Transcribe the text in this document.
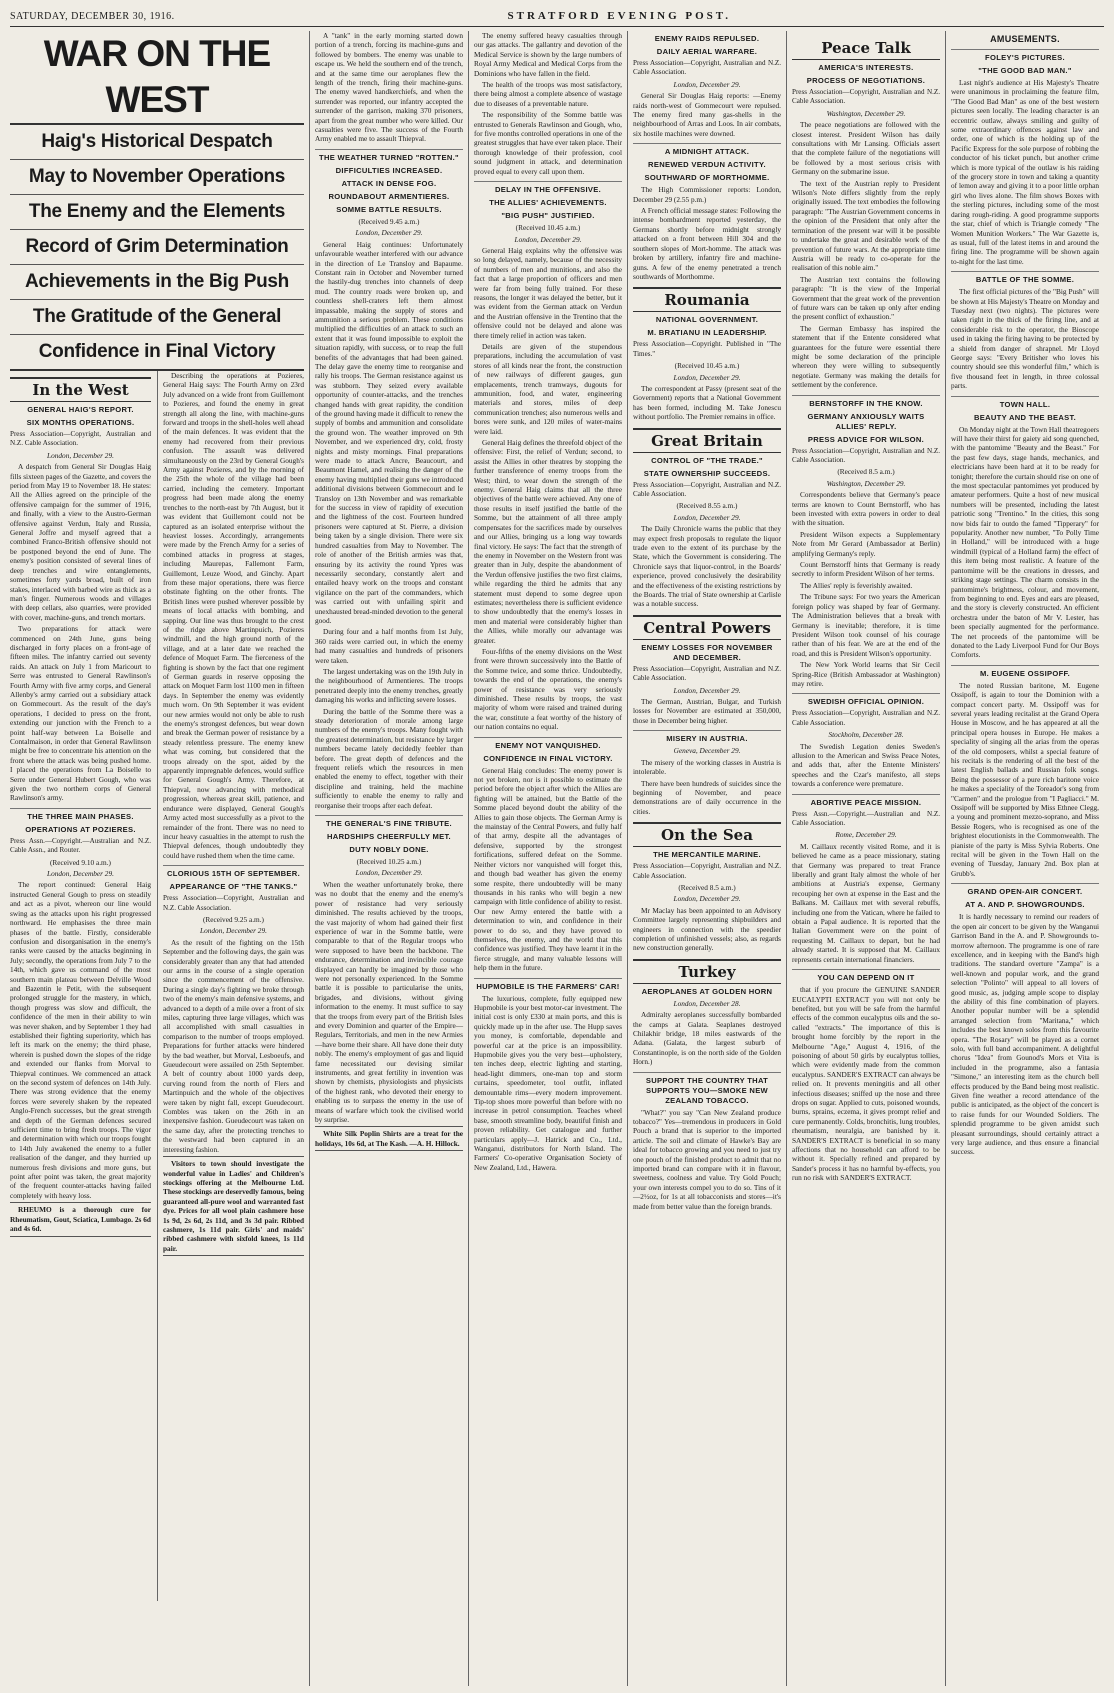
SATURDAY, DECEMBER 30, 1916.	STRATFORD EVENING POST.
WAR ON THE WEST
Haig's Historical Despatch
May to November Operations
The Enemy and the Elements
Record of Grim Determination
Achievements in the Big Push
The Gratitude of the General
Confidence in Final Victory
In the West
GENERAL HAIG'S REPORT.
SIX MONTHS OPERATIONS.

Press Association—Copyright, Australian and N.Z. Cable Association.

London, December 29.

A despatch from General Sir Douglas Haig fills sixteen pages of the Gazette, and covers the period from May 19 to November 18. He states: All the Allies agreed on the principle of the offensive campaign for the summer of 1916, and finally, with a view to the Austro-German offensive against Verdun, Italy and Russia, General Joffre and myself agreed that a combined Franco-British offensive should not be postponed beyond the end of June. The enemy's position consisted of several lines of deep trenches and wire entanglements, sometimes forty yards broad, built of iron stakes, interlaced with barbed wire as thick as a man's finger. Numerous woods and villages with deep cellars, also quarries, were provided with cover, machine-guns, and trench mortars.

Two preparations for attack were commenced on 24th June, guns being discharged in forty places on a front-age of fifteen miles. The infantry carried out seventy raids. An attack on July 1 from Maricourt to Serre was entrusted to General Rawlinson's Fourth Army with five army corps, and General Allenby's army carried out a subsidiary attack on Gommecourt. As the result of the day's operations, I decided to press on the front, extending our junction with the French to a point half-way between La Boiselle and Contalmaison, in order that General Rawlinson might be free to concentrate his attention on the front where the attack was being pushed home. I placed the operations from La Boiselle to Serre under General Hubert Gough, who was given the two northern corps of General Rawlinson's army.

THE THREE MAIN PHASES.
OPERATIONS AT POZIERES.

Press Assn.—Copyright.—Australian and N.Z. Cable Assn., and Router.

(Received 9.10 a.m.)

London, December 29.

The report continued: General Haig instructed General Gough to press on steadily and act as a pivot, whereon our line would swing as the attacks upon his right progressed northward. He emphasises the three main phases of the battle. Firstly, considerable confusion and disorganisation in the enemy's ranks were caused by the attacks beginning in July; secondly, the operations from July 7 to the 14th, which gave us command of the most southern main plateau between Delville Wood and Bazentin le Petit, with the subsequent prolonged struggle for the mastery, in which, though progress was slow and difficult, the confidence of the men in their ability to win was never shaken, and by September 1 they had established their fighting superiority, which has left its mark on the enemy; the third phase, wherein is pushed down the slopes of the ridge and extended our flanks from Morval to Thiepval continues. We commenced an attack on the second system of defences on 14th July. There was strong evidence that the enemy forces were severely shaken by the repeated Anglo-French successes, but the great strength and depth of the German defences secured sufficient time to bring fresh troops. The vigor and determination with which our troops fought to 14th July awakened the enemy to a fuller realisation of the danger, and they hurried up numerous fresh divisions and more guns, but point after point was taken, the great majority of the frequent counter-attacks having failed completely with heavy loss.

RHEUMO is a thorough cure for Rheumatism, Gout, Sciatica, Lumbago. 2s 6d and 4s 6d.

Describing the operations at Pozieres, General Haig says: The Fourth Army on 23rd July advanced on a wide front from Guillemont to Pozieres, and found the enemy in great strength all along the line, with machine-guns forward and troops in the shell-holes well ahead of the main defences. It was evident that the enemy had recovered from their previous confusion. The assault was delivered simultaneously on the 23rd by General Gough's Army against Pozieres, and by the morning of the 25th the whole of the village had been carried, including the cemetery. Important progress had been made along the enemy trenches to the north-east by 7th August, but it was evident that Guillemont could not be captured as an isolated enterprise without the heaviest losses. Accordingly, arrangements were made by the French Army for a series of combined attacks in progress at stages, including Maurepas, Fallemont Farm, Guillemont, Leuze Wood, and Ginchy. Apart from these major operations, there was fierce obstinate fighting on the other fronts. The British lines were pushed wherever possible by means of local attacks with bombing, and sapping. Our line was thus brought to the crest of the ridge above Martinpuich, Pozieres windmill, and the high ground north of the village, and at a later date we reached the defence of Moquet Farm. The fierceness of the fighting is shown by the fact that one regiment of German guards in reserve opposing the attack on Moquet Farm lost 1100 men in fifteen days. In September the enemy was evidently much worn. On 9th September it was evident our new armies would not only be able to rush the enemy's strongest defences, but wear down and break the German power of resistance by a steady relentless pressure. The enemy knew what was coming, but considered that the troops already on the spot, aided by the apparently impregnable defences, would suffice for General Gough's Army. Therefore, at Thiepval, now advancing with methodical progression, whereas great skill, patience, and endurance were displayed, General Gough's Army acted most successfully as a pivot to the remainder of the front. There was no need to incur heavy casualties in the attempt to rush the Thiepval defences, though undoubtedly they could have rushed them when the time came.

CLORIOUS 15TH OF SEPTEMBER.
APPEARANCE OF "THE TANKS."

Press Association—Copyright, Australian and N.Z. Cable Association.

(Received 9.25 a.m.)

London, December 29.

As the result of the fighting on the 15th September and the following days, the gain was considerably greater than any that had attended our arms in the course of a single operation since the commencement of the offensive. During a single day's fighting we broke through two of the enemy's main defensive systems, and advanced to a depth of a mile over a front of six miles, capturing three large villages, which was all accomplished with small casualties in comparison to the number of troops employed. Preparations for further attacks were hindered by the bad weather, but Morval, Lesboeufs, and Gueudecourt were assailed on 25th September. A belt of country about 1000 yards deep, curving round from the north of Flers and Martinpuich and the whole of the objectives were taken by night fall, except Gueudecourt. Combles was taken on the 26th in an inexpensive fashion. Gueudecourt was taken on the same day, after the protecting trenches to the westward had been captured in an interesting fashion.

Visitors to town should investigate the wonderful value in Ladies' and Children's stockings offering at the Melbourne Ltd. These stockings are deservedly famous, being guaranteed all-pure wool and warranted fast dye. Prices for all wool plain cashmere hose 1s 9d, 2s 6d, 2s 11d, and 3s 3d pair. Ribbed cashmere, 1s 11d pair. Girls' and maids' ribbed cashmere with sixfold knees, 1s 11d pair.

A "tank" in the early morning started down portion of a trench, forcing its machine-guns and followed by bombers. The enemy was unable to escape us. We held the southern end of the trench, and at the same time our aeroplanes flew the length of the trench, firing their machine-guns. The enemy waved handkerchiefs, and when the surrender was reported, our infantry accepted the surrender of the garrison, making 370 prisoners, apart from the great number who were killed. Our casualties were five. The success of the Fourth Army enabled me to assault Thiepval.

THE WEATHER TURNED "ROTTEN."
DIFFICULTIES INCREASED.
ATTACK IN DENSE FOG.
ROUNDABOUT ARMENTIERES.
SOMME BATTLE RESULTS.

(Received 9.45 a.m.)

London, December 29.

General Haig continues: Unfortunately unfavourable weather interfered with our advance in the direction of Le Transloy and Bapaume. Constant rain in October and November turned the hastily-dug trenches into channels of deep mud. The country roads were broken up, and countless shell-craters left them almost impassable, making the supply of stores and ammunition a serious problem. These conditions multiplied the difficulties of an attack to such an extent that it was found impossible to exploit the situation rapidly, with success, or to reap the full benefits of the advantages that had been gained. The delay gave the enemy time to reorganise and rally his troops. The German resistance against us was stubborn. They seized every available opportunity of counter-attacks, and the trenches changed hands with great rapidity, the condition of the ground having made it difficult to renew the supply of bombs and ammunition and consolidate the ground won. The weather improved on 9th November, and we experienced dry, cold, frosty nights and misty mornings. Final preparations were made to attack Ancre, Beaucourt, and Beaumont Hamel, and realising the danger of the enemy having multiplied their guns we introduced additional divisions between Gommecourt and le Transloy on 13th November and was remarkable for the success in view of rapidity of execution and the lightness of the cost. Fourteen hundred prisoners were captured at St. Pierre, a division being taken by a single division. There were six hundred casualties from May to November. The role of another of the British armies was that, ensuring by its activity the round Ypres was necessarily secondary, constantly alert and entailed heavy work on the troops and constant vigilance on the part of the commanders, which was carried out with unfailing spirit and unexhausted bread-minded devotion to the general good.

During four and a half months from 1st July, 360 raids were carried out, in which the enemy had many casualties and hundreds of prisoners were taken.

The largest undertaking was on the 19th July in the neighbourhood of Armentieres. The troops penetrated deeply into the enemy trenches, greatly damaging his works and inflicting severe losses.

During the battle of the Somme there was a steady deterioration of morale among large numbers of the enemy's troops. Many fought with the greatest determination, but resistance by larger numbers became lately decidedly feebler than before. The great depth of defences and the frequent reliefs which the resources in men enabled the enemy to effect, together with their discipline and training, held the machine sufficiently to enable the enemy to rally and reorganise their troops after each defeat.

THE GENERAL'S FINE TRIBUTE.
HARDSHIPS CHEERFULLY MET.
DUTY NOBLY DONE.

(Received 10.25 a.m.)

London, December 29.

When the weather unfortunately broke, there was no doubt that the enemy and the enemy's power of resistance had very seriously diminished. The results achieved by the troops, the vast majority of whom had gained their first experience of war in the Somme battle, were comparable to that of the Regular troops who were supposed to have been the backbone. The endurance, determination and invincible courage displayed can hardly be imagined by those who were not personally experienced. In the Somme battle it is possible to particularise the units, brigades, and divisions, without giving information to the enemy. It must suffice to say that the troops from every part of the British Isles and every Dominion and quarter of the Empire—Regulars, Territorials, and men in the new Armies—have borne their share. All have done their duty nobly. The enemy's employment of gas and liquid fame necessitated our devising similar instruments, and great fertility in invention was shown by chemists, physiologists and physicists of the highest rank, who devoted their energy to enabling us to surpass the enemy in the use of means of warfare which took the civilised world by surprise.

White Silk Poplin Shirts are a treat for the holidays, 10s 6d, at The Kash. —A. H. Hillock.

The enemy suffered heavy casualties through our gas attacks. The gallantry and devotion of the Medical Service is shown by the large numbers of Royal Army Medical and Medical Corps from the Dominions who have fallen in the field.

The health of the troops was most satisfactory, there being almost a complete absence of wastage due to diseases of a preventable nature.

The responsibility of the Somme battle was entrusted to Generals Rawlinson and Gough, who, for five months controlled operations in one of the greatest struggles that have ever taken place. Their thorough knowledge of their profession, cool sound judgment in attack, and determination proved equal to every call upon them.

DELAY IN THE OFFENSIVE.
THE ALLIES' ACHIEVEMENTS.
"BIG PUSH" JUSTIFIED.

(Received 10.45 a.m.)

London, December 29.

General Haig explains why the offensive was so long delayed, namely, because of the necessity of numbers of men and munitions, and also the fact that a large proportion of officers and men were far from being fully trained. For these reasons, the longer it was delayed the better, but it was evident from the German attack on Verdun and the Austrian offensive in the Trentino that the offensive could not be delayed and alone was there timely relief in action was taken.

Details are given of the stupendous preparations, including the accumulation of vast stores of all kinds near the front, the construction of new railways of different gauges, gun emplacements, trench tramways, dugouts for ammunition, food, and water, engineering materials and stores, miles of deep communication trenches; also numerous wells and bores were sunk, and 120 miles of water-mains were laid.

General Haig defines the threefold object of the offensive: First, the relief of Verdun; second, to assist the Allies in other theatres by stopping the further transference of enemy troops from the West; third, to wear down the strength of the enemy. General Haig claims that all the three objectives of the battle were achieved. Any one of those results in itself justified the battle of the Somme, but the attainment of all three amply compensates for the sacrifices made by ourselves and our Allies, bringing us a long way towards final victory. He says: The fact that the strength of the enemy in November on the Western front was greater than in July, despite the abandonment of the Verdun offensive justifies the two first claims, while regarding the third he admits that any statement must depend to some degree upon estimates; nevertheless there is sufficient evidence to show undoubtedly that the enemy's losses in men and material were considerably higher than the Allies, while morally our advantage was greater.

Four-fifths of the enemy divisions on the West front were thrown successively into the Battle of the Somme twice, and some thrice. Undoubtedly, towards the end of the operations, the enemy's power of resistance was very seriously diminished. These results by troops, the vast majority of whom were raised and trained during the war, constitute a feat worthy of the history of our nation contains no equal.

ENEMY NOT VANQUISHED.
CONFIDENCE IN FINAL VICTORY.

General Haig concludes: The enemy power is not yet broken, nor is it possible to estimate the period before the object after which the Allies are fighting will be attained, but the Battle of the Somme placed beyond doubt the ability of the Allies to gain those objects. The German Army is the mainstay of the Central Powers, and fully half of that army, despite all the advantages of defensive, supported by the strongest fortifications, suffered defeat on the Somme. Neither victors nor vanquished will forget this, and though bad weather has given the enemy some respite, there undoubtedly will be many thousands in his ranks who will begin a new campaign with little confidence of ability to resist. Our new Army entered the battle with a determination to win, and confidence in their power to do so, and they have proved to themselves, the enemy, and the world that this confidence was justified. They have learnt it in the fierce struggle, and many valuable lessons will help them in the future.

HUPMOBILE IS THE FARMERS' CAR!

The luxurious, complete, fully equipped new Hupmobile is your best motor-car investment. The initial cost is only £330 at main ports, and this is quickly made up in the after use. The Hupp saves you money, is comfortable, dependable and powerful car at the price is an impossibility. Hupmobile gives you the very best—upholstery, ten inches deep, electric lighting and starting, head-light dimmers, one-man top and storm curtains, speedometer, tool outfit, inflated demountable rims—every modern improvement. Tip-top shoes more powerful than before with no increase in petrol consumption. Teaches wheel base, smooth streamline body, beautiful finish and proven reliability. Get catalogue and further particulars apply—J. Hatrick and Co., Ltd., Wanganui, distributors for North Island. The Farmers' Co-operative Organisation Society of New Zealand, Ltd., Hawera.

ENEMY RAIDS REPULSED.
DAILY AERIAL WARFARE.

Press Association—Copyright, Australian and N.Z. Cable Association.

London, December 29.

General Sir Douglas Haig reports: —Enemy raids north-west of Gommecourt were repulsed. The enemy fired many gas-shells in the neighbourhood of Arras and Loos. In air combats, six hostile machines were downed.

A MIDNIGHT ATTACK.
RENEWED VERDUN ACTIVITY.
SOUTHWARD OF MORTHOMME.

The High Commissioner reports: London, December 29 (2.55 p.m.)

A French official message states: Following the intense bombardment reported yesterday, the Germans shortly before midnight strongly attacked on a front between Hill 304 and the southern slopes of Mort-homme. The attack was broken by artillery, infantry fire and machine-guns. A few of the enemy penetrated a trench southwards of Morthomme.

Roumania
NATIONAL GOVERNMENT.
M. BRATIANU IN LEADERSHIP.

Press Association—Copyright. Published in "The Times."

(Received 10.45 a.m.)

London, December 29.

The correspondent at Passy (present seat of the Government) reports that a National Government has been formed, including M. Take Jonescu without portfolio. The Premier remains in office.

Great Britain
CONTROL OF "THE TRADE."
STATE OWNERSHIP SUCCEEDS.

Press Association—Copyright, Australian and N.Z. Cable Association.

(Received 8.55 a.m.)

London, December 29.

The Daily Chronicle warns the public that they may expect fresh proposals to regulate the liquor trade even to the extent of its purchase by the State, which the Government is considering. The Chronicle says that liquor-control, in the Boards' experience, proved conclusively the desirability and the effectiveness of the existing restrictions by the Boards. The trial of State ownership at Carlisle was a notable success.

Central Powers
ENEMY LOSSES FOR NOVEMBER AND DECEMBER.

Press Association—Copyright, Australian and N.Z. Cable Association.

London, December 29.

The German, Austrian, Bulgar, and Turkish losses for November are estimated at 350,000, those in December being higher.

MISERY IN AUSTRIA.

Geneva, December 29.

The misery of the working classes in Austria is intolerable.

There have been hundreds of suicides since the beginning of November, and peace demonstrations are of daily occurrence in the cities.

On the Sea
THE MERCANTILE MARINE.

Press Association—Copyright, Australian and N.Z. Cable Association.

(Received 8.5 a.m.)

London, December 29.

Mr Maclay has been appointed to an Advisory Committee largely representing shipbuilders and engineers in connection with the speedier completion of unfinished vessels; also, as regards new construction generally.

Turkey
AEROPLANES AT GOLDEN HORN

London, December 28.

Admiralty aeroplanes successfully bombarded the camps at Galata. Seaplanes destroyed Chilakhir bridge, 18 miles eastwards of the Adana. (Galata, the largest suburb of Constantinople, is on the north side of the Golden Horn.)

SUPPORT THE COUNTRY THAT SUPPORTS YOU—SMOKE NEW ZEALAND TOBACCO.

"What?" you say "Can New Zealand produce tobacco?" Yes—tremendous in producers in Gold Pouch a brand that is superior to the imported article. The soil and climate of Hawke's Bay are ideal for tobacco growing and you need to just try one pouch of the finished product to admit that no imported brand can compare with it in flavour, sweetness, coolness and value. Try Gold Pouch; your own interests compel you to do so. Tins of it—2½oz, for 1s at all tobacconists and stores—it's made from better value than the foreign brands.

Peace Talk
AMERICA'S INTERESTS.
PROCESS OF NEGOTIATIONS.

Press Association—Copyright, Australian and N.Z. Cable Association.

Washington, December 29.

The peace negotiations are followed with the closest interest. President Wilson has daily consultations with Mr Lansing. Officials assert that the complete failure of the negotiations will be followed by a most serious crisis with Germany on the submarine issue.

The text of the Austrian reply to President Wilson's Note differs slightly from the reply originally issued. The text embodies the following paragraph: "The Austrian Government concerns in the opinion of the President that only after the termination of the present war will it be possible to undertake the great and desirable work of the prevention of future wars. At the appropriate time Austria will be ready to co-operate for the realisation of this noble aim."

The Austrian text contains the following paragraph: "It is the view of the Imperial Government that the great work of the prevention of future wars can be taken up only after ending the present conflict of exhaustion."

The German Embassy has inspired the statement that if the Entente considered what guarantees for the future were essential there might be some declaration of the principle whereon they were willing to subsequently negotiate. Germany was making the details for settlement by the conference.

BERNSTORFF IN THE KNOW.
GERMANY ANXIOUSLY WAITS ALLIES' REPLY.
PRESS ADVICE FOR WILSON.

Press Association—Copyright, Australian and N.Z. Cable Association.

(Received 8.5 a.m.)

Washington, December 29.

Correspondents believe that Germany's peace terms are known to Count Bernstorff, who has been invested with extra powers in order to deal with the situation.

President Wilson expects a Supplementary Note from Mr Gerard (Ambassador at Berlin) amplifying Germany's reply.

Count Bernstorff hints that Germany is ready secretly to inform President Wilson of her terms.

The Allies' reply is feverishly awaited.

The Tribune says: For two years the American foreign policy was shaped by fear of Germany. The Administration believes that a break with Germany is inevitable; therefore, it is time President Wilson took counsel of his courage rather than of his fear. We are at the end of the road, and this is President Wilson's opportunity.

The New York World learns that Sir Cecil Spring-Rice (British Ambassador at Washington) may retire.

SWEDISH OFFICIAL OPINION.

Press Association—Copyright, Australian and N.Z. Cable Association.

Stockholm, December 28.

The Swedish Legation denies Sweden's allusion to the American and Swiss Peace Notes, and adds that, after the Entente Ministers' speeches and the Czar's manifesto, all steps towards a conference were premature.

ABORTIVE PEACE MISSION.

Press Assn.—Copyright.—Australian and N.Z. Cable Association.

Rome, December 29.

M. Caillaux recently visited Rome, and it is believed he came as a peace missionary, stating that Germany was prepared to treat France liberally and grant Italy almost the whole of her ambitions at Austria's expense, Germany recouping her own at expense in the East and the Balkans. M. Caillaux met with several rebuffs, including one from the Vatican, where he failed to obtain a Papal audience. It is reported that the Italian Government were on the point of requesting M. Caillaux to depart, but he had already started. It is supposed that M. Caillaux represents certain international financiers.

YOU CAN DEPEND ON IT

that if you procure the GENUINE SANDER EUCALYPTI EXTRACT you will not only be benefited, but you will be safe from the harmful effects of the common eucalyptus oils and the so-called "extracts." The importance of this is brought home forcibly by the report in the Melbourne "Age," August 4, 1916, of the poisoning of about 50 girls by eucalyptus tollies, which were evidently made from the common eucalyptus. SANDER'S EXTRACT can always be relied on. It prevents meningitis and all other infectious diseases; sniffed up the nose and three drops on sugar. Applied to cuts, poisoned wounds, burns, sprains, eczema, it gives prompt relief and cure permanently. Colds, bronchitis, lung troubles, rheumatism, neuralgia, are banished by it. SANDER'S EXTRACT is beneficial in so many affections that no household can afford to be without it. Specially refined and prepared by Sander's process it has no harmful by-effects, you run no risk with SANDER'S EXTRACT.

AMUSEMENTS.
FOLEY'S PICTURES.
"THE GOOD BAD MAN."

Last night's audience at His Majesty's Theatre were unanimous in proclaiming the feature film, "The Good Bad Man" as one of the best western pictures seen locally. The leading character is an eccentric outlaw, always smiling and guilty of some extraordinary offences against law and order, one of which is the holding up of the Pacific Express for the sole purpose of robbing the conductor of his ticket punch, but another crime which is more typical of the outlaw is his raiding of the grocery store in town and taking a quantity of lemon away and giving it to a poor little orphan girl who lives alone. The film shows Boxes with the sterling pictures, including some of the most daring rough-riding. A good programme supports the star, chief of which is Triangle comedy "The Women Munition Workers." The War Gazette is, as usual, full of the latest items in and around the firing line. The programme will be shown again to-night for the last time.

BATTLE OF THE SOMME.

The first official pictures of the "Big Push" will be shown at His Majesty's Theatre on Monday and Tuesday next (two nights). The pictures were taken right in the thick of the firing line, and at considerable risk to the operator, the Bioscope used in taking the firing having to be protected by a shield from danger of shrapnel. Mr Lloyd George says: "Every Britisher who loves his country should see this wonderful film," which is five thousand feet in length, in three colossal parts.

TOWN HALL.
BEAUTY AND THE BEAST.

On Monday night at the Town Hall theatregoers will have their thirst for gaiety aid song quenched, with the pantomime "Beauty and the Beast." For the past few days, stage hands, mechanics, and electricians have been hard at it to be ready for tonight; therefore the curtain should rise on one of the most spectacular pantomimes yet produced by amateur performers. Quite a host of new musical numbers will be presented, including the latest patriotic song "Trentino." In the cities, this song now bids fair to outdo the famed "Tipperary" for popularity. Another new number, "To Polly Time in Holland," will be introduced with a huge windmill (typical of a Holland farm) the effect of this item being most realistic. A feature of the pantomime will be the creations in dresses, and striking stage settings. The charm consists in the pantomime's brightness, colour, and movement, from beginning to end. Eyes and ears are pleased, and the story is cleverly constructed. An efficient orchestra under the baton of Mr V. Lester, has been specially augmented for the performance. The net proceeds of the pantomime will be donated to the Lady Liverpool Fund for Our Boys Comforts.

M. EUGENE OSSIPOFF.

The noted Russian baritone, M. Eugene Ossipoff, is again to tour the Dominion with a compact concert party. M. Ossipoff was for several years leading recitalist at the Grand Opera House in Moscow, and he has appeared at all the principal opera houses in Europe. He makes a speciality of singing all the arias from the operas of the old composers, whilst a special feature of his recitals is the rendering of all the best of the latest English ballads and Russian folk songs. Being the possessor of a pure rich baritone voice he makes a speciality of the Toreador's song from "Carmen" and the prologue from "I Pagliacci." M. Ossipoff will be supported by Miss Ethnee Clegg, a young and prominent mezzo-soprano, and Miss Bessie Rogers, who is recognised as one of the brightest elocutionists in the Commonwealth. The pianiste of the party is Miss Sylvia Roberts. One recital will be given in the Town Hall on the evening of Tuesday, January 2nd. Box plan at Grubb's.

GRAND OPEN-AIR CONCERT.
AT A. AND P. SHOWGROUNDS.

It is hardly necessary to remind our readers of the open air concert to be given by the Wanganui Garrison Band in the A. and P. Showgrounds to-morrow afternoon. The programme is one of rare excellence, and in keeping with the Band's high traditions. The standard overture "Zampa" is a well-known and popular work, and the grand selection "Polinto" will appeal to all lovers of good music, as, judging ample scope to display the ability of this fine combination of players. Another popular number will be a splendid arranged selection from "Maritana," which includes the best known solos from this favourite opera. "The Rosary" will be played as a cornet solo, with full band accompaniment. A delightful chorus "Idea" from Gounod's Mors et Vita is included in the programme, also a fantasia "Simone," an interesting item as the church bell effects produced by the Band being most realistic. Given fine weather a record attendance of the public is anticipated, as the object of the concert is to raise funds for our Wounded Soldiers. The splendid programme to be given amidst such pleasant surroundings, should certainly attract a very large audience, and thus ensure a financial success.
